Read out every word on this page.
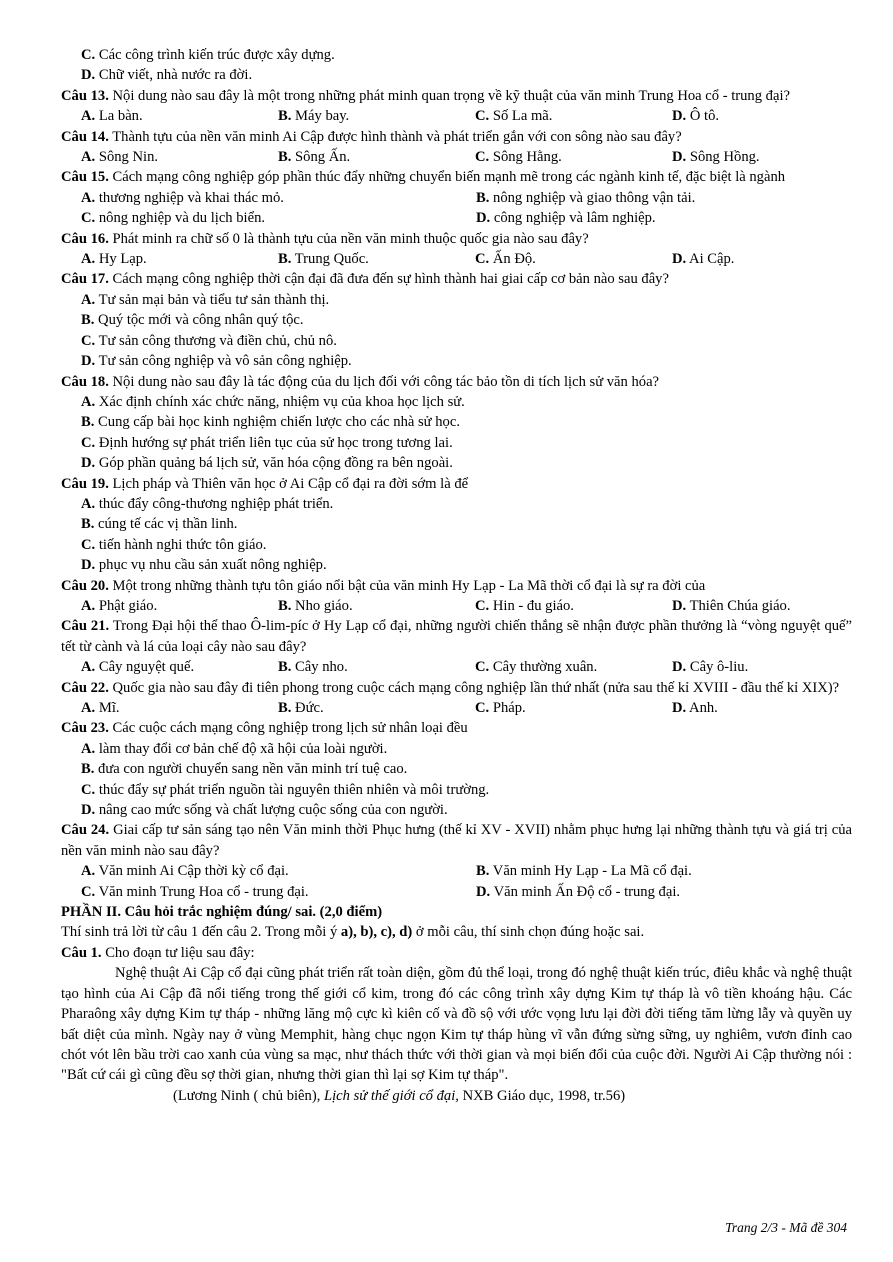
C. Các công trình kiến trúc được xây dựng.
D. Chữ viết, nhà nước ra đời.
Câu 13. Nội dung nào sau đây là một trong những phát minh quan trọng về kỹ thuật của văn minh Trung Hoa cổ - trung đại?
A. La bàn.	B. Máy bay.	C. Số La mã.	D. Ô tô.
Câu 14. Thành tựu của nền văn minh Ai Cập được hình thành và phát triển gắn với con sông nào sau đây?
A. Sông Nin.	B. Sông Ấn.	C. Sông Hằng.	D. Sông Hồng.
Câu 15. Cách mạng công nghiệp góp phần thúc đẩy những chuyển biến mạnh mẽ trong các ngành kinh tế, đặc biệt là ngành
A. thương nghiệp và khai thác mỏ.	B. nông nghiệp và giao thông vận tải.
C. nông nghiệp và du lịch biển.	D. công nghiệp và lâm nghiệp.
Câu 16. Phát minh ra chữ số 0 là thành tựu của nền văn minh thuộc quốc gia nào sau đây?
A. Hy Lạp.	B. Trung Quốc.	C. Ấn Độ.	D. Ai Cập.
Câu 17. Cách mạng công nghiệp thời cận đại đã đưa đến sự hình thành hai giai cấp cơ bản nào sau đây?
A. Tư sản mại bản và tiểu tư sản thành thị.
B. Quý tộc mới và công nhân quý tộc.
C. Tư sản công thương và điền chủ, chủ nô.
D. Tư sản công nghiệp và vô sản công nghiệp.
Câu 18. Nội dung nào sau đây là tác động của du lịch đối với công tác bảo tồn di tích lịch sử văn hóa?
A. Xác định chính xác chức năng, nhiệm vụ của khoa học lịch sử.
B. Cung cấp bài học kinh nghiệm chiến lược cho các nhà sử học.
C. Định hướng sự phát triển liên tục của sử học trong tương lai.
D. Góp phần quảng bá lịch sử, văn hóa cộng đồng ra bên ngoài.
Câu 19. Lịch pháp và Thiên văn học ở Ai Cập cổ đại ra đời sớm là để
A. thúc đẩy công-thương nghiệp phát triển.
B. cúng tế các vị thần linh.
C. tiến hành nghi thức tôn giáo.
D. phục vụ nhu cầu sản xuất nông nghiệp.
Câu 20. Một trong những thành tựu tôn giáo nổi bật của văn minh Hy Lạp - La Mã thời cổ đại là sự ra đời của
A. Phật giáo.	B. Nho giáo.	C. Hin - đu giáo.	D. Thiên Chúa giáo.
Câu 21. Trong Đại hội thể thao Ô-lim-píc ở Hy Lạp cổ đại, những người chiến thắng sẽ nhận được phần thưởng là “vòng nguyệt quế” tết từ cành và lá của loại cây nào sau đây?
A. Cây nguyệt quế.	B. Cây nho.	C. Cây thường xuân.	D. Cây ô-liu.
Câu 22. Quốc gia nào sau đây đi tiên phong trong cuộc cách mạng công nghiệp lần thứ nhất (nửa sau thế kỉ XVIII - đầu thế kỉ XIX)?
A. Mĩ.	B. Đức.	C. Pháp.	D. Anh.
Câu 23. Các cuộc cách mạng công nghiệp trong lịch sử nhân loại đều
A. làm thay đổi cơ bản chế độ xã hội của loài người.
B. đưa con người chuyển sang nền văn minh trí tuệ cao.
C. thúc đẩy sự phát triển nguồn tài nguyên thiên nhiên và môi trường.
D. nâng cao mức sống và chất lượng cuộc sống của con người.
Câu 24. Giai cấp tư sản sáng tạo nên Văn minh thời Phục hưng (thế kỉ XV - XVII) nhằm phục hưng lại những thành tựu và giá trị của nền văn minh nào sau đây?
A. Văn minh Ai Cập thời kỳ cổ đại.	B. Văn minh Hy Lạp - La Mã cổ đại.
C. Văn minh Trung Hoa cổ - trung đại.	D. Văn minh Ấn Độ cổ - trung đại.
PHẦN II. Câu hỏi trắc nghiệm đúng/ sai. (2,0 điểm)
Thí sinh trả lời từ câu 1 đến câu 2. Trong mỗi ý a), b), c), d) ở mỗi câu, thí sinh chọn đúng hoặc sai.
Câu 1. Cho đoạn tư liệu sau đây:
Nghệ thuật Ai Cập cổ đại cũng phát triển rất toàn diện, gồm đủ thể loại, trong đó nghệ thuật kiến trúc, điêu khắc và nghệ thuật tạo hình của Ai Cập đã nổi tiếng trong thế giới cổ kim, trong đó các công trình xây dựng Kim tự tháp là vô tiền khoáng hậu. Các Pharaông xây dựng Kim tự tháp - những lăng mộ cực kì kiên cố và đồ sộ với ước vọng lưu lại đời đời tiếng tăm lừng lẫy và quyền uy bất diệt của mình. Ngày nay ở vùng Memphit, hàng chục ngọn Kim tự tháp hùng vĩ vẫn đứng sừng sững, uy nghiêm, vươn đỉnh cao chót vót lên bầu trời cao xanh của vùng sa mạc, như thách thức với thời gian và mọi biến đổi của cuộc đời. Người Ai Cập thường nói : "Bất cứ cái gì cũng đều sợ thời gian, nhưng thời gian thì lại sợ Kim tự tháp".
(Lương Ninh ( chủ biên), Lịch sử thế giới cổ đại, NXB Giáo dục, 1998, tr.56)
Trang 2/3 - Mã đề 304
